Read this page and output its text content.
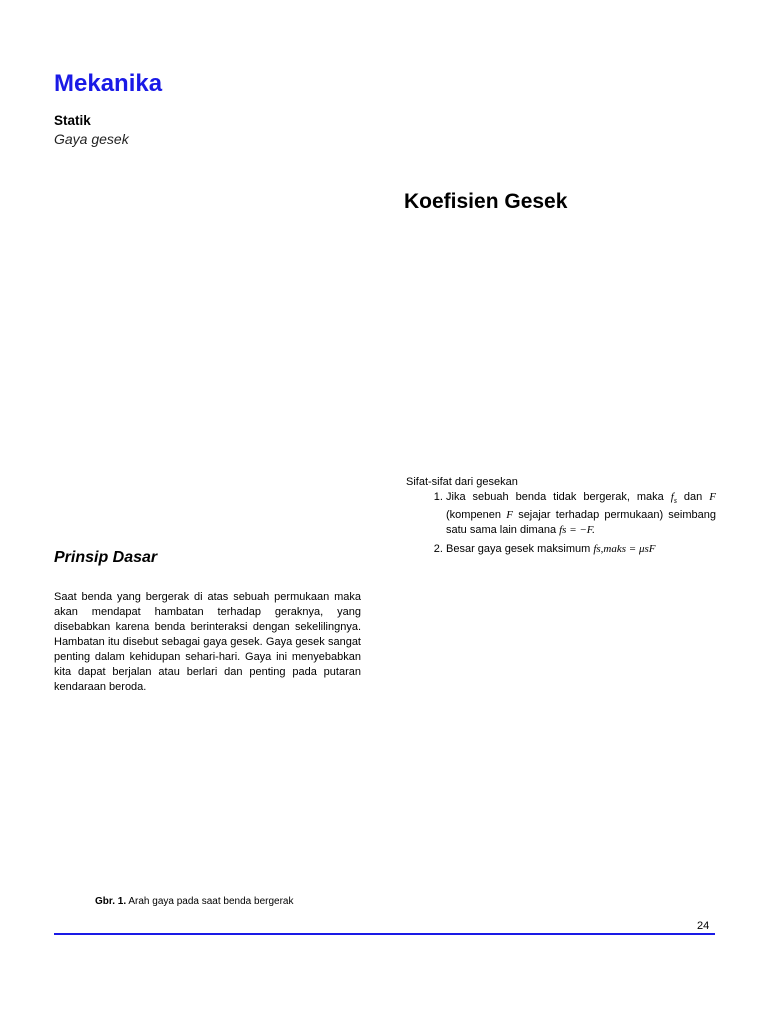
Mekanika
Statik
Gaya gesek
Koefisien Gesek
Sifat-sifat dari gesekan
1. Jika sebuah benda tidak bergerak, maka $f_s$ dan F (kompenen F sejajar terhadap permukaan) seimbang satu sama lain dimana fs = −F.
2. Besar gaya gesek maksimum fs,maks = μsF
Prinsip Dasar
Saat benda yang bergerak di atas sebuah permukaan maka akan mendapat hambatan terhadap geraknya, yang disebabkan karena benda berinteraksi dengan sekelilingnya. Hambatan itu disebut sebagai gaya gesek. Gaya gesek sangat penting dalam kehidupan sehari-hari. Gaya ini menyebabkan kita dapat berjalan atau berlari dan penting pada putaran kendaraan beroda.
Gbr. 1. Arah gaya pada saat benda bergerak
24
